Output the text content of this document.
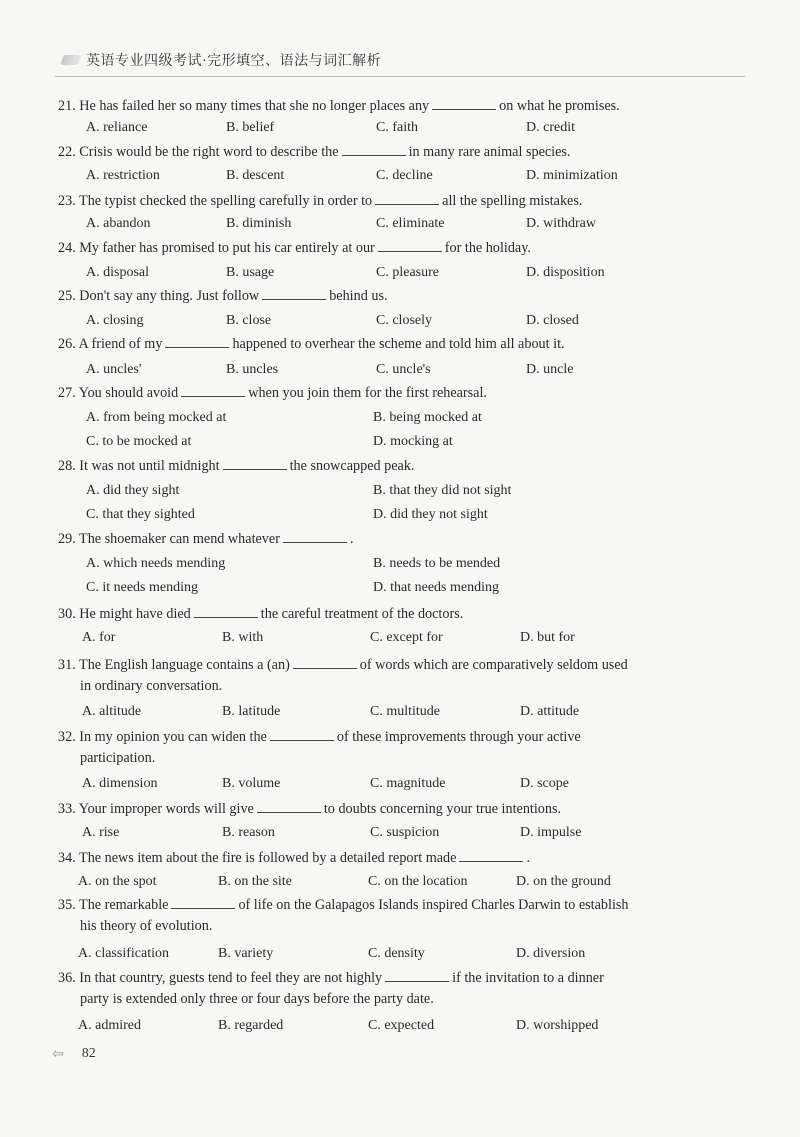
英语专业四级考试·完形填空、语法与词汇解析
21. He has failed her so many times that she no longer places any	on what he promises.
A. reliance	B. belief	C. faith	D. credit
22. Crisis would be the right word to describe the	in many rare animal species.
A. restriction	B. descent	C. decline	D. minimization
23. The typist checked the spelling carefully in order to	all the spelling mistakes.
A. abandon	B. diminish	C. eliminate	D. withdraw
24. My father has promised to put his car entirely at our	for the holiday.
A. disposal	B. usage	C. pleasure	D. disposition
25. Don't say any thing. Just follow	behind us.
A. closing	B. close	C. closely	D. closed
26. A friend of my	happened to overhear the scheme and told him all about it.
A. uncles'	B. uncles	C. uncle's	D. uncle
27. You should avoid	when you join them for the first rehearsal.
A. from being mocked at	B. being mocked at
C. to be mocked at	D. mocking at
28. It was not until midnight	the snowcapped peak.
A. did they sight	B. that they did not sight
C. that they sighted	D. did they not sight
29. The shoemaker can mend whatever	.
A. which needs mending	B. needs to be mended
C. it needs mending	D. that needs mending
30. He might have died	the careful treatment of the doctors.
A. for	B. with	C. except for	D. but for
31. The English language contains a (an)	of words which are comparatively seldom used
in ordinary conversation.
A. altitude	B. latitude	C. multitude	D. attitude
32. In my opinion you can widen the	of these improvements through your active
participation.
A. dimension	B. volume	C. magnitude	D. scope
33. Your improper words will give	to doubts concerning your true intentions.
A. rise	B. reason	C. suspicion	D. impulse
34. The news item about the fire is followed by a detailed report made	.
A. on the spot	B. on the site	C. on the location	D. on the ground
35. The remarkable	of life on the Galapagos Islands inspired Charles Darwin to establish
his theory of evolution.
A. classification	B. variety	C. density	D. diversion
36. In that country, guests tend to feel they are not highly	if the invitation to a dinner
party is extended only three or four days before the party date.
A. admired	B. regarded	C. expected	D. worshipped
⇦ 82
